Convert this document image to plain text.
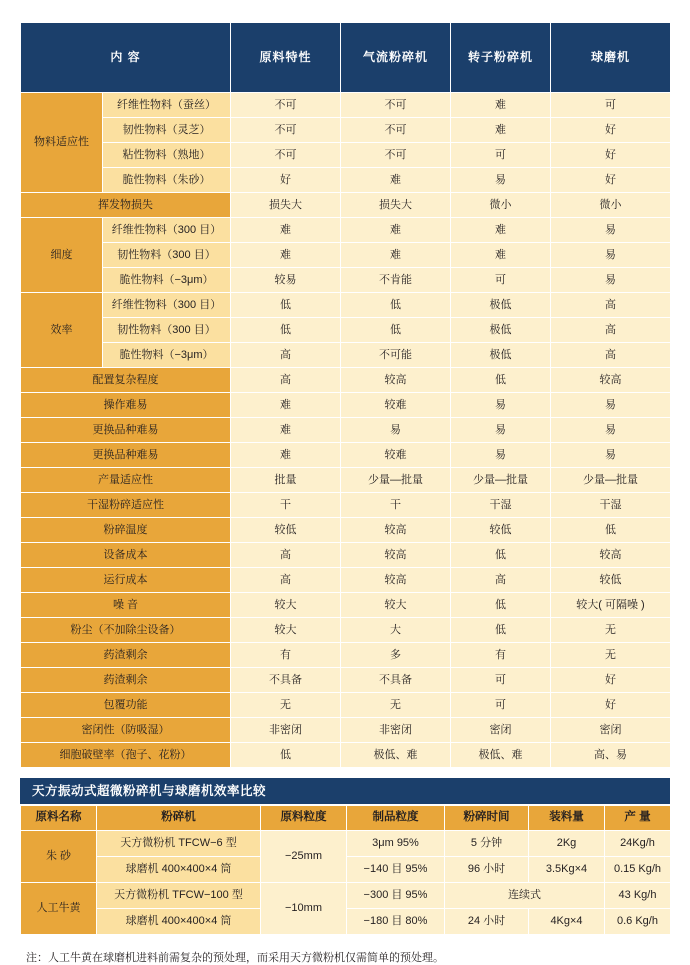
内 容		原料特性	气流粉碎机	转子粉碎机	球磨机	天方微粉机
物料适应性	纤维性物料（蚕丝）	不可	不可	难	可	
	韧性物料（灵芝）	不可	不可	难	好	
	粘性物料（熟地）	不可	不可	可	好	
	脆性物料（朱砂）	好	难	易	好	
挥发物损失		损失大	损失大	微小	微小	
细度	纤维性物料（300 目）	难	难	难	易	
	韧性物料（300 目）	难	难	难	易	
	脆性物料（−3μm）	较易	不肯能	可	易	
效率	纤维性物料（300 目）	低	低	极低	高	
	韧性物料（300 目）	低	低	极低	高	
	脆性物料（−3μm）	高	不可能	极低	高	
配置复杂程度		高	较高	低	较高	
操作难易		难	较难	易	易	
更换品种难易		难	易	易	易	
更换品种难易		难	较难	易	易	
产量适应性		批量	少量—批量	少量—批量	少量—批量	
干湿粉碎适应性		干	干	干湿	干湿	
粉碎温度		较低	较高	较低	低	
设备成本		高	较高	低	较高	
运行成本		高	较高	高	较低	
噪 音		较大	较大	低	较大( 可隔噪 )	
粉尘（不加除尘设备）		较大	大	低	无	
药渣剩余		有	多	有	无	
药渣剩余		不具备	不具备	可	好	
包覆功能		无	无	可	好	
密闭性（防吸湿）		非密闭	非密闭	密闭	密闭	
细胞破壁率（孢子、花粉）		低	极低、难	极低、难	高、易	
天方振动式超微粉碎机与球磨机效率比较
原料名称	粉碎机	原料粒度	制品粒度	粉碎时间	装料量	产 量
朱 砂	天方微粉机 TFCW−6 型	−25mm	3μm 95%	5 分钟	2Kg	24Kg/h
	球磨机 400×400×4 筒		−140 目 95%	96 小时	3.5Kg×4	0.15 Kg/h
人工牛黄	天方微粉机 TFCW−100 型	−10mm	−300 目 95%	连续式		43 Kg/h
	球磨机 400×400×4 筒		−180 目 80%	24 小时	4Kg×4	0.6 Kg/h
注：人工牛黄在球磨机进料前需复杂的预处理，而采用天方微粉机仅需简单的预处理。
